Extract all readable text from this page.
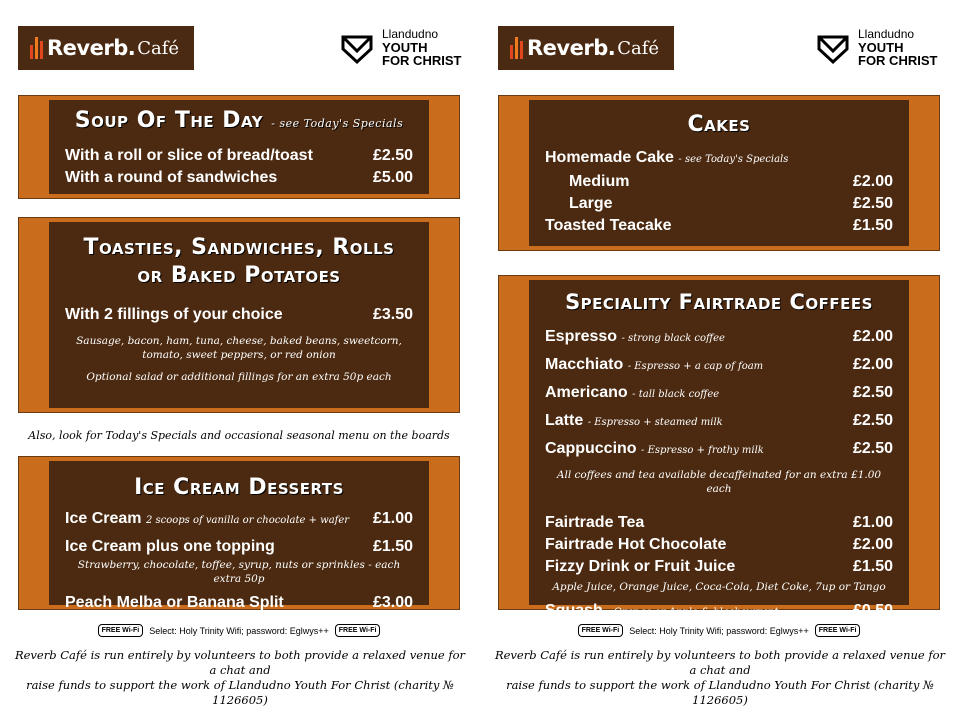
Reverb. Café
Llandudno
YOUTH
FOR CHRIST
Soup Of The Day - see Today's Specials
With a roll or slice of bread/toast	£2.50
With a round of sandwiches	£5.00
Toasties, Sandwiches, Rolls
or Baked Potatoes
With 2 fillings of your choice	£3.50
Sausage, bacon, ham, tuna, cheese, baked beans, sweetcorn, tomato, sweet peppers, or red onion
Optional salad or additional fillings for an extra 50p each
Also, look for Today's Specials and occasional seasonal menu on the boards
Ice Cream Desserts
Ice Cream 2 scoops of vanilla or chocolate + wafer £1.00
Ice Cream plus one topping	£1.50
Strawberry, chocolate, toffee, syrup, nuts or sprinkles - each extra 50p
Peach Melba or Banana Split	£3.00
FREE Wi-Fi	Select: Holy Trinity Wifi; password: Eglwys++	FREE Wi-Fi
Reverb Café is run entirely by volunteers to both provide a relaxed venue for a chat and
raise funds to support the work of Llandudno Youth For Christ (charity № 1126605)
Reverb. Café
Llandudno
YOUTH
FOR CHRIST
Cakes
Homemade Cake - see Today's Specials
Medium	£2.00
Large	£2.50
Toasted Teacake	£1.50
Speciality Fairtrade Coffees
Espresso - strong black coffee	£2.00
Macchiato - Espresso + a cap of foam	£2.00
Americano - tall black coffee	£2.50
Latte - Espresso + steamed milk	£2.50
Cappuccino - Espresso + frothy milk	£2.50
All coffees and tea available decaffeinated for an extra £1.00 each
Fairtrade Tea	£1.00
Fairtrade Hot Chocolate	£2.00
Fizzy Drink or Fruit Juice	£1.50
Apple Juice, Orange Juice, Coca-Cola, Diet Coke, 7up or Tango
Squash - Orange or Apple & blackcurrant	£0.50
FREE Wi-Fi	Select: Holy Trinity Wifi; password: Eglwys++	FREE Wi-Fi
Reverb Café is run entirely by volunteers to both provide a relaxed venue for a chat and
raise funds to support the work of Llandudno Youth For Christ (charity № 1126605)
